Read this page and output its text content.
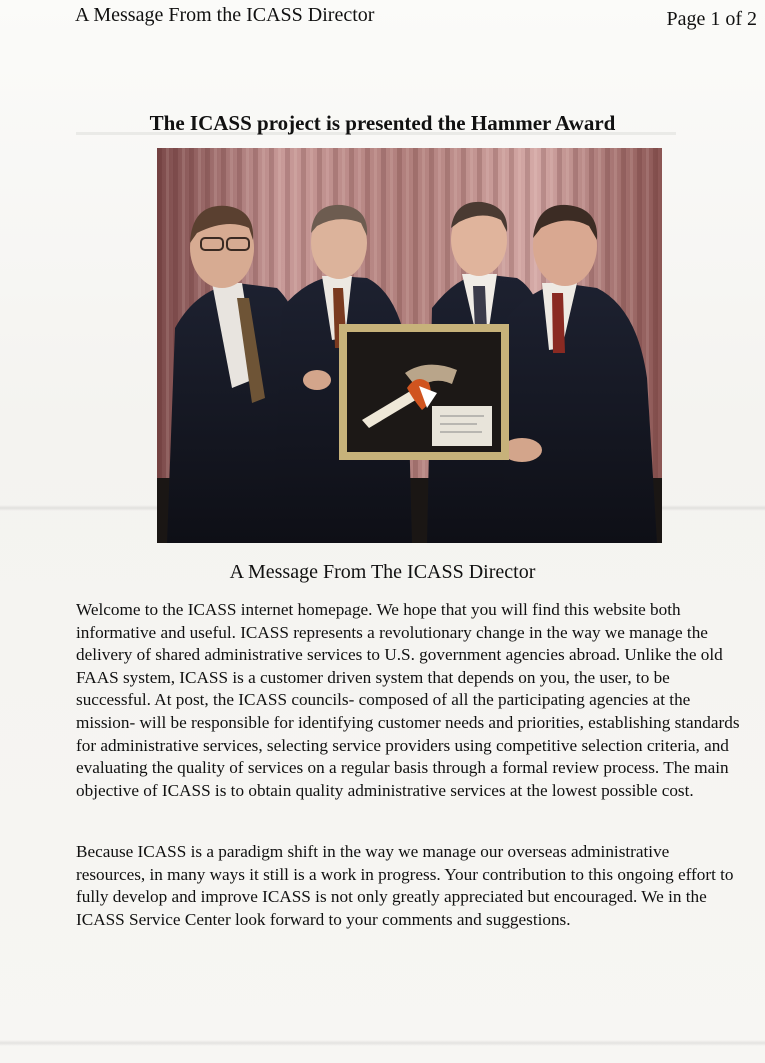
A Message From the ICASS Director	Page 1 of 2
The ICASS project is presented the Hammer Award
A Message From The ICASS Director

Welcome to the ICASS internet homepage. We hope that you will find this website both informative and useful. ICASS represents a revolutionary change in the way we manage the delivery of shared administrative services to U.S. government agencies abroad. Unlike the old FAAS system, ICASS is a customer driven system that depends on you, the user, to be successful. At post, the ICASS councils- composed of all the participating agencies at the mission- will be responsible for identifying customer needs and priorities, establishing standards for administrative services, selecting service providers using competitive selection criteria, and evaluating the quality of services on a regular basis through a formal review process. The main objective of ICASS is to obtain quality administrative services at the lowest possible cost.

Because ICASS is a paradigm shift in the way we manage our overseas administrative resources, in many ways it still is a work in progress. Your contribution to this ongoing effort to fully develop and improve ICASS is not only greatly appreciated but encouraged. We in the ICASS Service Center look forward to your comments and suggestions.
